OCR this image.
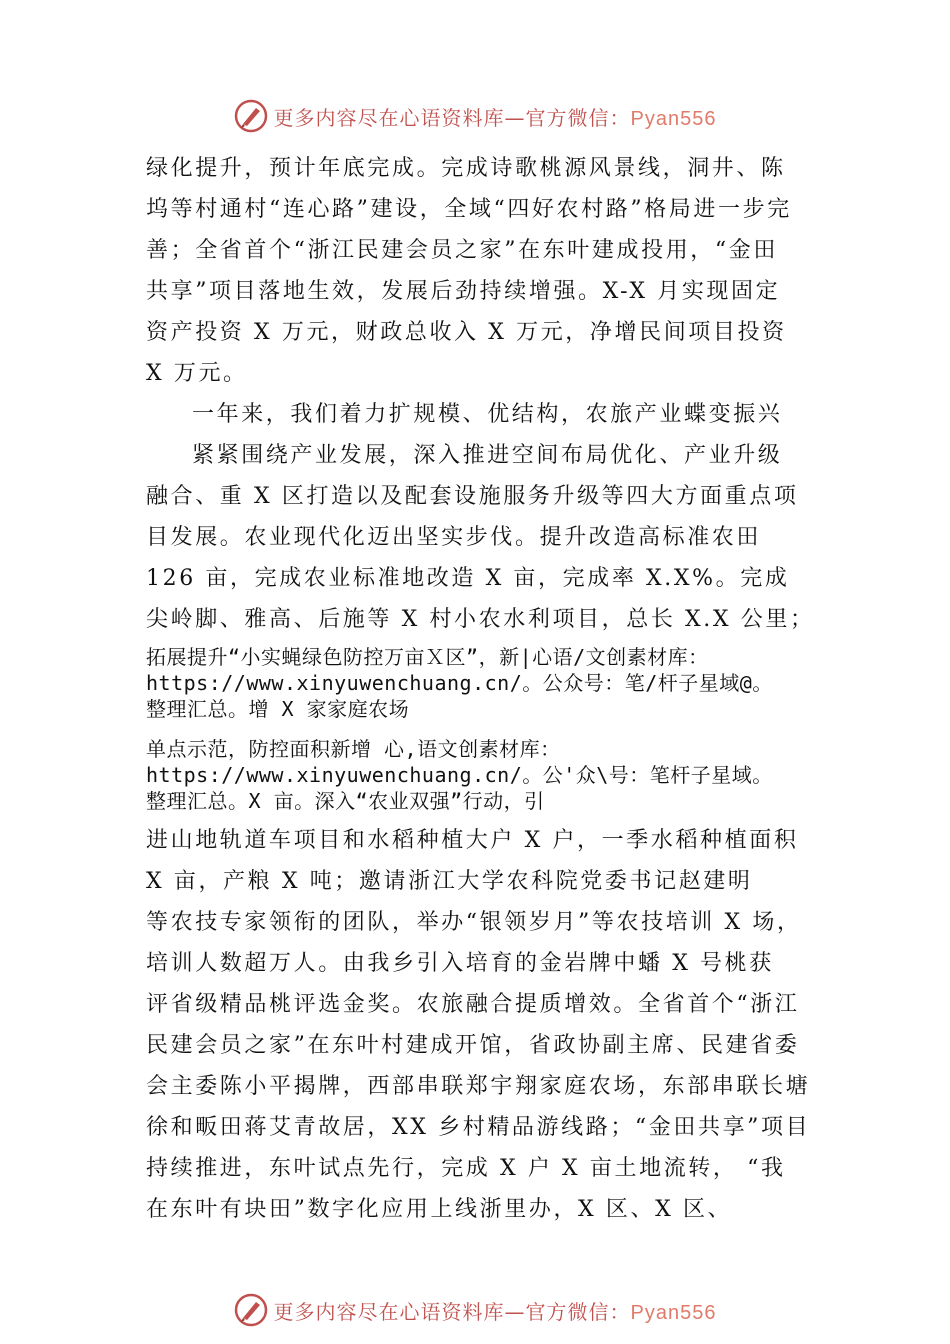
更多内容尽在心语资料库—官方微信：Pyan556
绿化提升，预计年底完成。完成诗歌桃源风景线，洞井、陈
坞等村通村“连心路”建设，全域“四好农村路”格局进一步完
善；全省首个“浙江民建会员之家”在东叶建成投用，“金田
共享”项目落地生效，发展后劲持续增强。X-X 月实现固定
资产投资 X 万元，财政总收入 X 万元，净增民间项目投资
X 万元。
一年来，我们着力扩规模、优结构，农旅产业蝶变振兴
紧紧围绕产业发展，深入推进空间布局优化、产业升级
融合、重 X 区打造以及配套设施服务升级等四大方面重点项
目发展。农业现代化迈出坚实步伐。提升改造高标准农田
126 亩，完成农业标准地改造 X 亩，完成率 X.X%。完成
尖岭脚、雅高、后施等 X 村小农水利项目，总长 X.X 公里；
拓展提升“小实蝇绿色防控万亩Ｘ区”，新|心语/文创素材库：
https://www.xinyuwenchuang.cn/。公众号：笔/杆子星域@。
整理汇总。增 X 家家庭农场
单点示范，防控面积新增 心,语文创素材库：
https://www.xinyuwenchuang.cn/。公'众\号：笔杆子星域。
整理汇总。X 亩。深入“农业双强”行动，引
进山地轨道车项目和水稻种植大户 X 户，一季水稻种植面积
X 亩，产粮 X 吨；邀请浙江大学农科院党委书记赵建明
等农技专家领衔的团队，举办“银领岁月”等农技培训 X 场，
培训人数超万人。由我乡引入培育的金岩牌中蟠 X 号桃获
评省级精品桃评选金奖。农旅融合提质增效。全省首个“浙江
民建会员之家”在东叶村建成开馆，省政协副主席、民建省委
会主委陈小平揭牌，西部串联郑宇翔家庭农场，东部串联长塘
徐和畈田蒋艾青故居，XX 乡村精品游线路；“金田共享”项目
持续推进，东叶试点先行，完成 X 户 X 亩土地流转， “我
在东叶有块田”数字化应用上线浙里办，X 区、X 区、
更多内容尽在心语资料库—官方微信：Pyan556
